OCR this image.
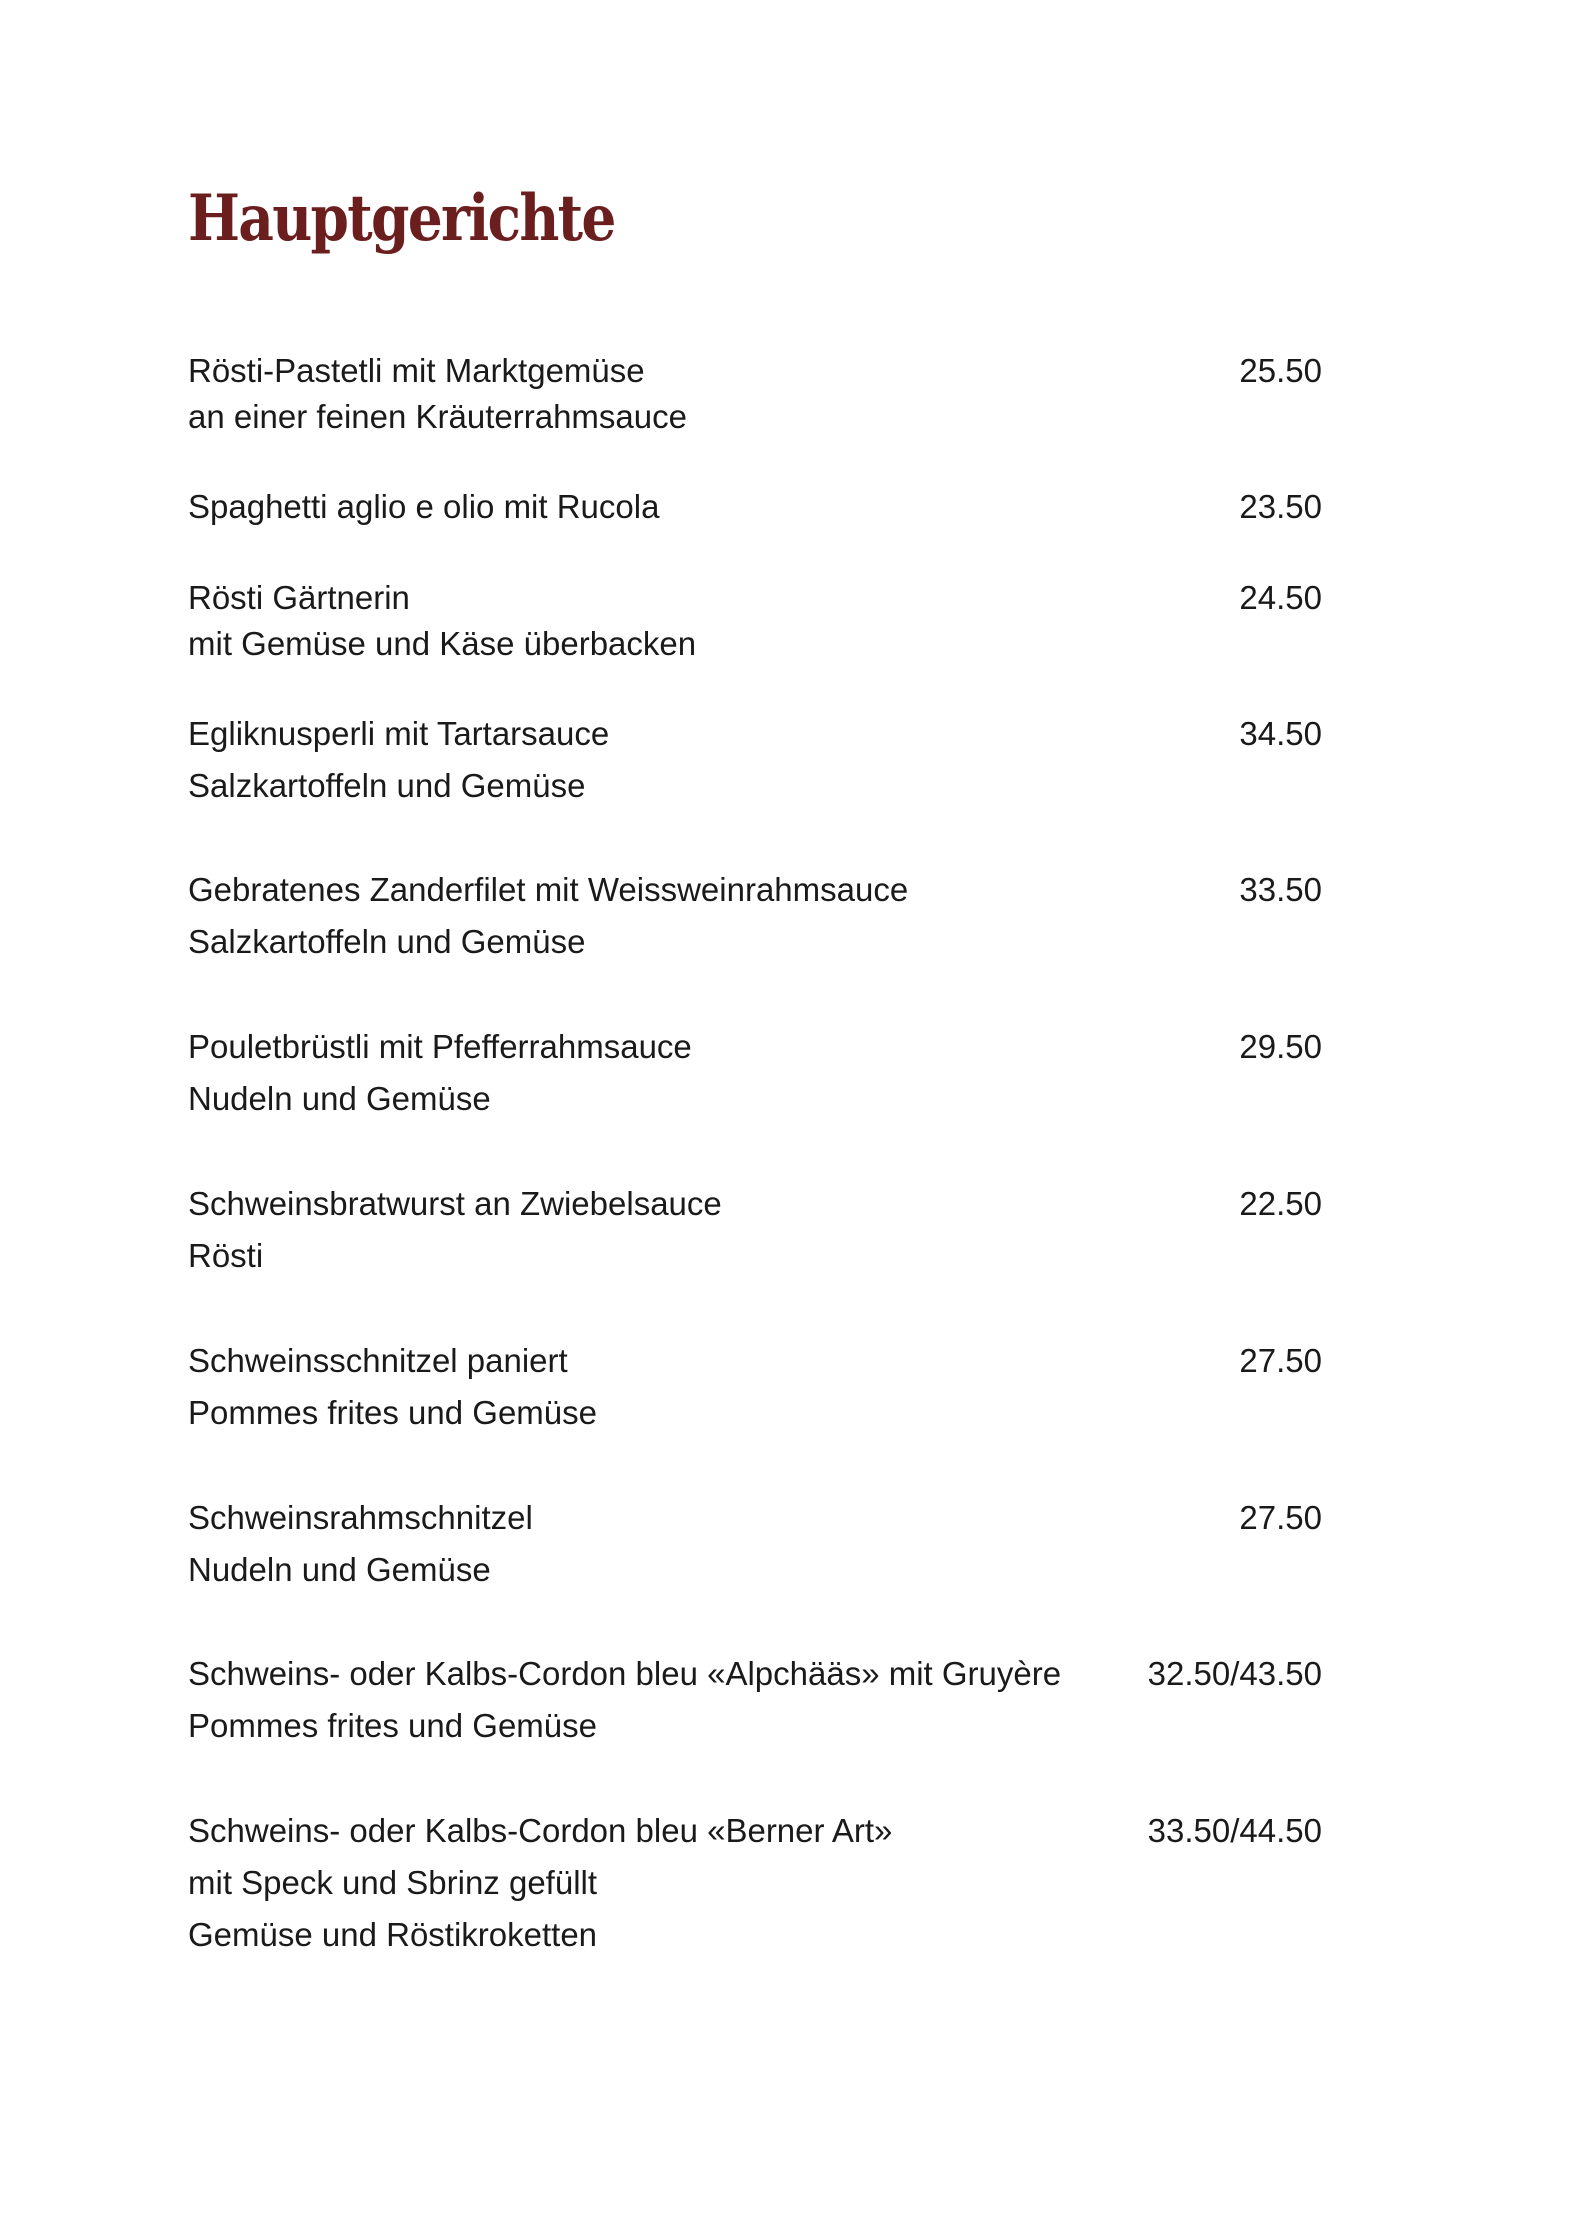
Hauptgerichte
Rösti-Pastetli mit Marktgemüse
an einer feinen Kräuterrahmsauce
25.50
Spaghetti aglio e olio mit Rucola	23.50
Rösti Gärtnerin
mit Gemüse und Käse überbacken
24.50
Egliknusperli mit Tartarsauce
Salzkartoffeln und Gemüse
34.50
Gebratenes Zanderfilet mit Weissweinrahmsauce
Salzkartoffeln und Gemüse
33.50
Pouletbrüstli mit Pfefferrahmsauce
Nudeln und Gemüse
29.50
Schweinsbratwurst an Zwiebelsauce
Rösti
22.50
Schweinsschnitzel paniert
Pommes frites und Gemüse
27.50
Schweinsrahmschnitzel
Nudeln und Gemüse
27.50
Schweins- oder Kalbs-Cordon bleu «Alpchääs» mit Gruyère
Pommes frites und Gemüse
32.50/43.50
Schweins- oder Kalbs-Cordon bleu «Berner Art»
mit Speck und Sbrinz gefüllt
Gemüse und Röstikroketten
33.50/44.50
